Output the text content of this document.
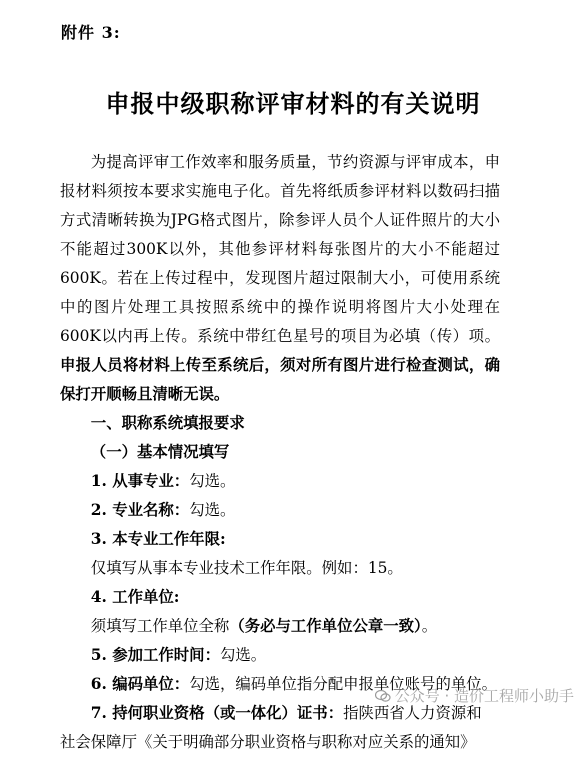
附件 3:
申报中级职称评审材料的有关说明

为提高评审工作效率和服务质量，节约资源与评审成本，申报材料须按本要求实施电子化。首先将纸质参评材料以数码扫描方式清晰转换为JPG格式图片，除参评人员个人证件照片的大小不能超过300K以外，其他参评材料每张图片的大小不能超过600K。若在上传过程中，发现图片超过限制大小，可使用系统中的图片处理工具按照系统中的操作说明将图片大小处理在600K以内再上传。系统中带红色星号的项目为必填（传）项。申报人员将材料上传至系统后，须对所有图片进行检查测试，确保打开顺畅且清晰无误。

一、职称系统填报要求

（一）基本情况填写

1. 从事专业：勾选。

2. 专业名称：勾选。

3. 本专业工作年限:

仅填写从事本专业技术工作年限。例如：15。

4. 工作单位:

须填写工作单位全称（务必与工作单位公章一致）。

5. 参加工作时间：勾选。

6. 编码单位：勾选，编码单位指分配申报单位账号的单位。

7. 持何职业资格（或一体化）证书：指陕西省人力资源和

社会保障厅《关于明确部分职业资格与职称对应关系的通知》

公众号 · 造价工程师小助手
